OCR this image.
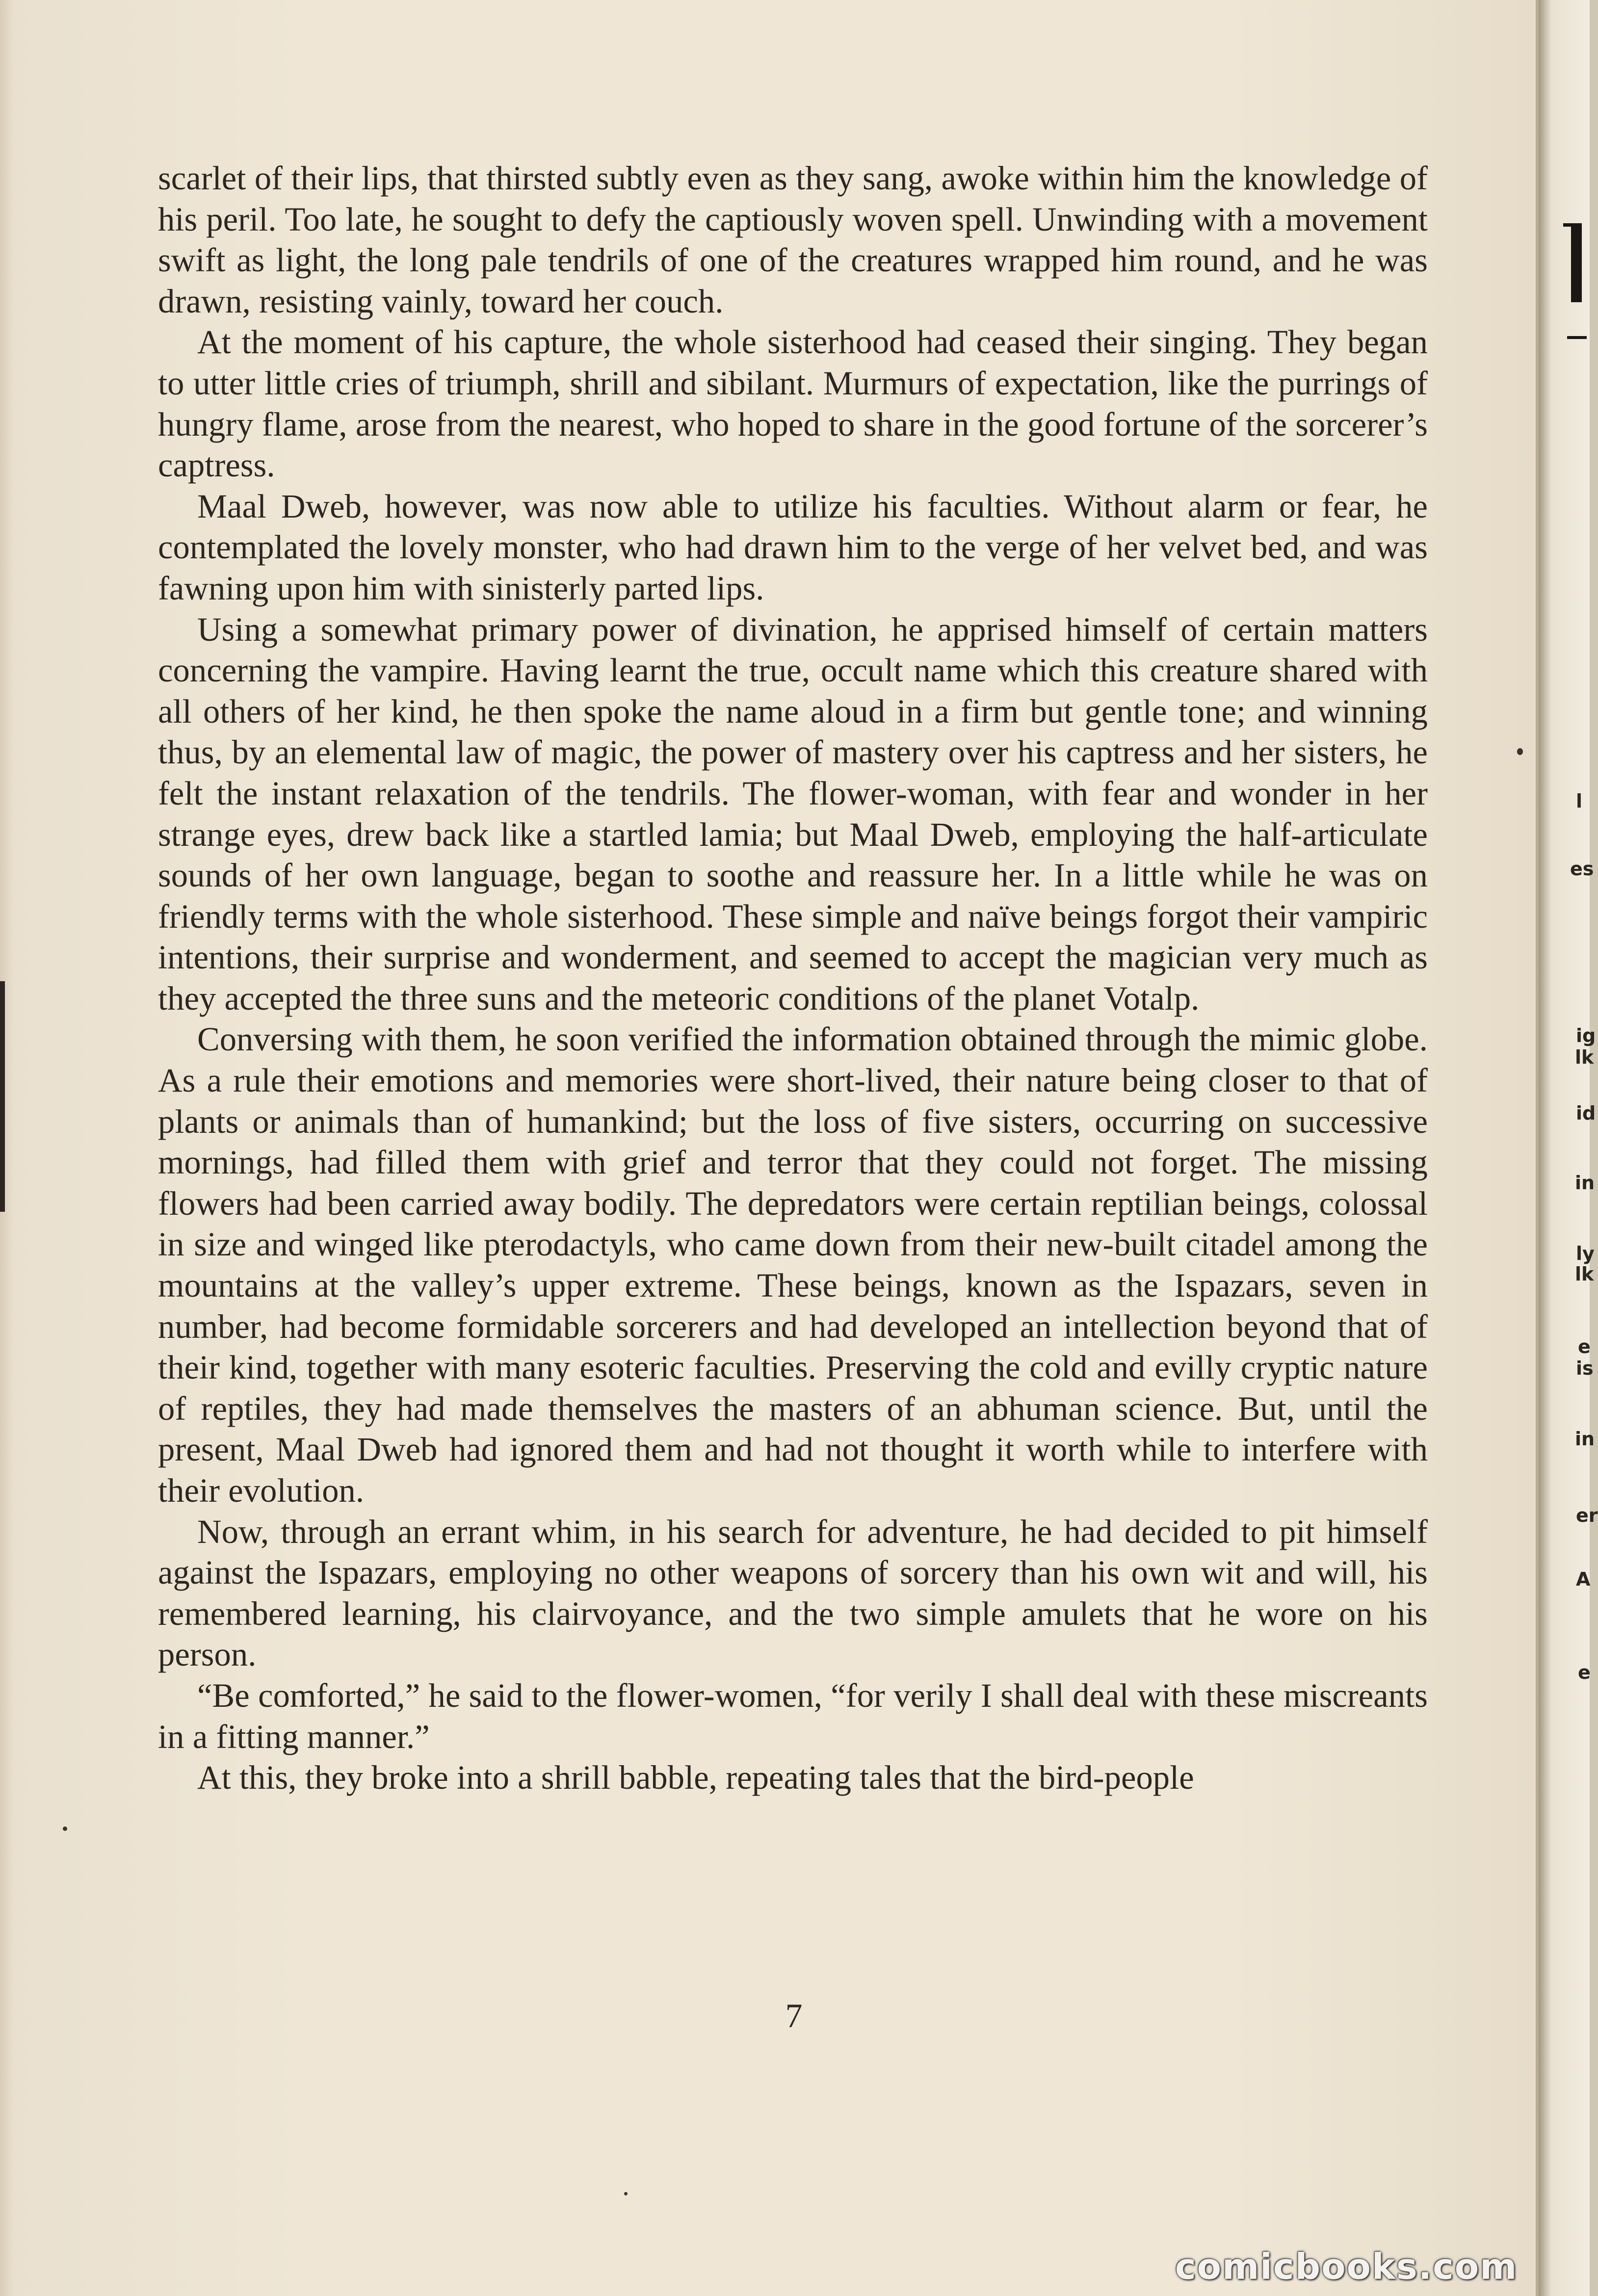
scarlet of their lips, that thirsted subtly even as they sang, awoke within him the knowledge of his peril. Too late, he sought to defy the captiously woven spell. Unwinding with a movement swift as light, the long pale tendrils of one of the creatures wrapped him round, and he was drawn, resisting vainly, toward her couch.

At the moment of his capture, the whole sisterhood had ceased their singing. They began to utter little cries of triumph, shrill and sibilant. Murmurs of expectation, like the purrings of hungry flame, arose from the nearest, who hoped to share in the good fortune of the sorcerer’s captress.

Maal Dweb, however, was now able to utilize his faculties. Without alarm or fear, he contemplated the lovely monster, who had drawn him to the verge of her velvet bed, and was fawning upon him with sinisterly parted lips.

Using a somewhat primary power of divination, he apprised himself of certain matters concerning the vampire. Having learnt the true, occult name which this creature shared with all others of her kind, he then spoke the name aloud in a firm but gentle tone; and winning thus, by an elemental law of magic, the power of mastery over his captress and her sisters, he felt the instant relaxation of the tendrils. The flower-woman, with fear and wonder in her strange eyes, drew back like a startled lamia; but Maal Dweb, employing the half-articulate sounds of her own language, began to soothe and reassure her. In a little while he was on friendly terms with the whole sisterhood. These simple and naïve beings forgot their vampiric intentions, their surprise and wonderment, and seemed to accept the magician very much as they accepted the three suns and the meteoric conditions of the planet Votalp.

Conversing with them, he soon verified the information obtained through the mimic globe. As a rule their emotions and memories were short-lived, their nature being closer to that of plants or animals than of humankind; but the loss of five sisters, occurring on successive mornings, had filled them with grief and terror that they could not forget. The missing flowers had been carried away bodily. The depredators were certain reptilian beings, colossal in size and winged like pterodactyls, who came down from their new-built citadel among the mountains at the valley’s upper extreme. These beings, known as the Ispazars, seven in number, had become formidable sorcerers and had developed an intellection beyond that of their kind, together with many esoteric faculties. Preserving the cold and evilly cryptic nature of reptiles, they had made themselves the masters of an abhuman science. But, until the present, Maal Dweb had ignored them and had not thought it worth while to interfere with their evolution.

Now, through an errant whim, in his search for adventure, he had decided to pit himself against the Ispazars, employing no other weapons of sorcery than his own wit and will, his remembered learning, his clairvoyance, and the two simple amulets that he wore on his person.

“Be comforted,” he said to the flower-women, “for verily I shall deal with these miscreants in a fitting manner.”

At this, they broke into a shrill babble, repeating tales that the bird-people

7
l
es
ig
lk
id
in
ly
lk
e
is
in
er
A
e
comicbooks.com
